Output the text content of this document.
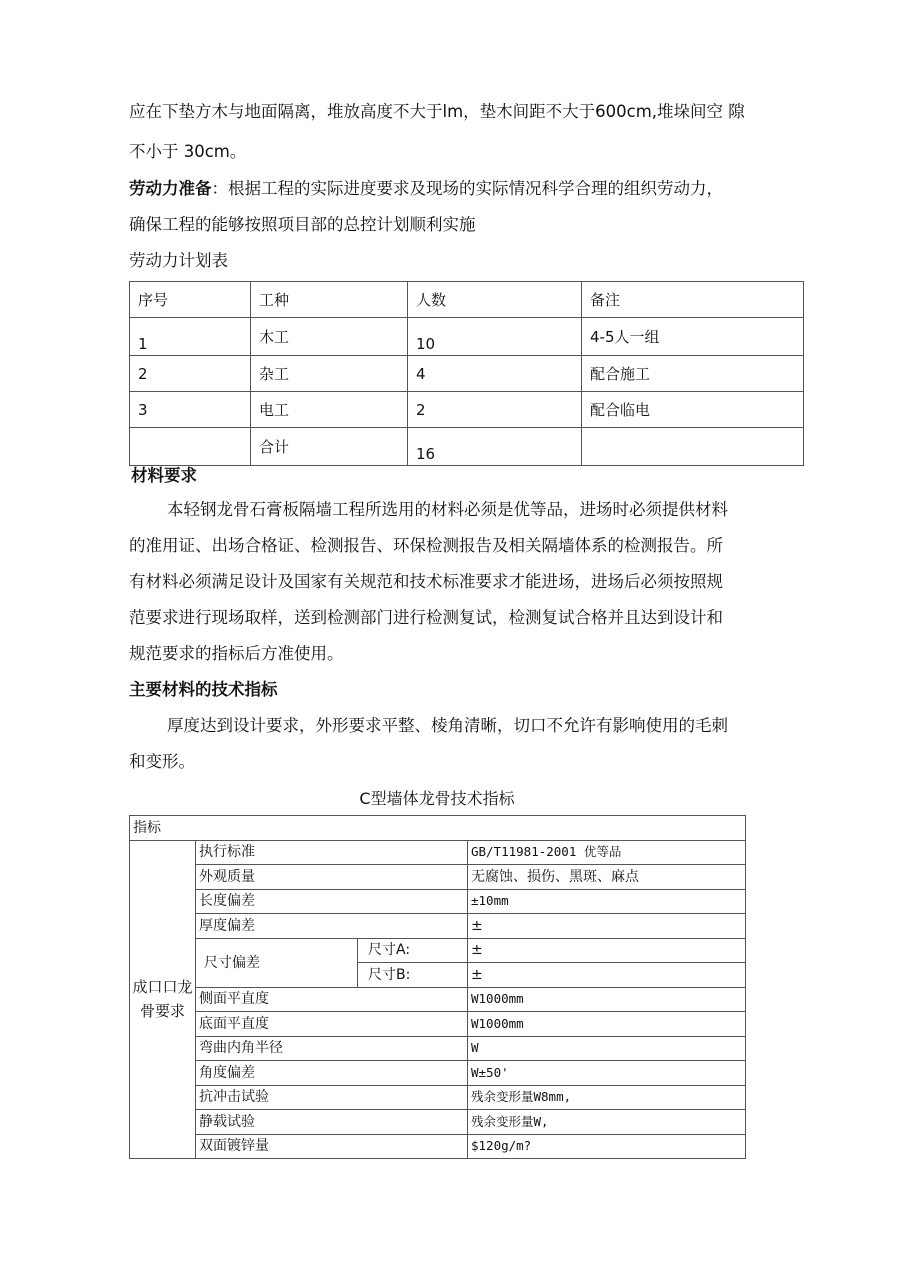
应在下垫方木与地面隔离，堆放高度不大于lm，垫木间距不大于600cm,堆垛间空 隙

不小于 30cm。

劳动力准备：根据工程的实际进度要求及现场的实际情况科学合理的组织劳动力，

确保工程的能够按照项目部的总控计划顺利实施

劳动力计划表

序号	工种	人数	备注
1	木工	10	4-5人一组
2	杂工	4	配合施工
3	电工	2	配合临电
	合计	16	

材料要求

本轻钢龙骨石膏板隔墙工程所选用的材料必须是优等品，进场时必须提供材料

的准用证、出场合格证、检测报告、环保检测报告及相关隔墙体系的检测报告。所

有材料必须满足设计及国家有关规范和技术标准要求才能进场，进场后必须按照规

范要求进行现场取样，送到检测部门进行检测复试，检测复试合格并且达到设计和

规范要求的指标后方准使用。

主要材料的技术指标

厚度达到设计要求，外形要求平整、棱角清晰，切口不允许有影响使用的毛刺

和变形。

C型墙体龙骨技术指标
指标			
成口口龙
骨要求	执行标准		GB/T11981-2001 优等品
	外观质量		无腐蚀、损伤、黑斑、麻点
	长度偏差		±10mm
	厚度偏差		±
	尺寸偏差	尺寸A:	±
		尺寸B:	±
	侧面平直度		W1000mm
	底面平直度		W1000mm
	弯曲内角半径		W
	角度偏差		W±50'
	抗冲击试验		残余变形量W8mm,
	静载试验		残余变形量W,
	双面镀锌量		$120g/m?
